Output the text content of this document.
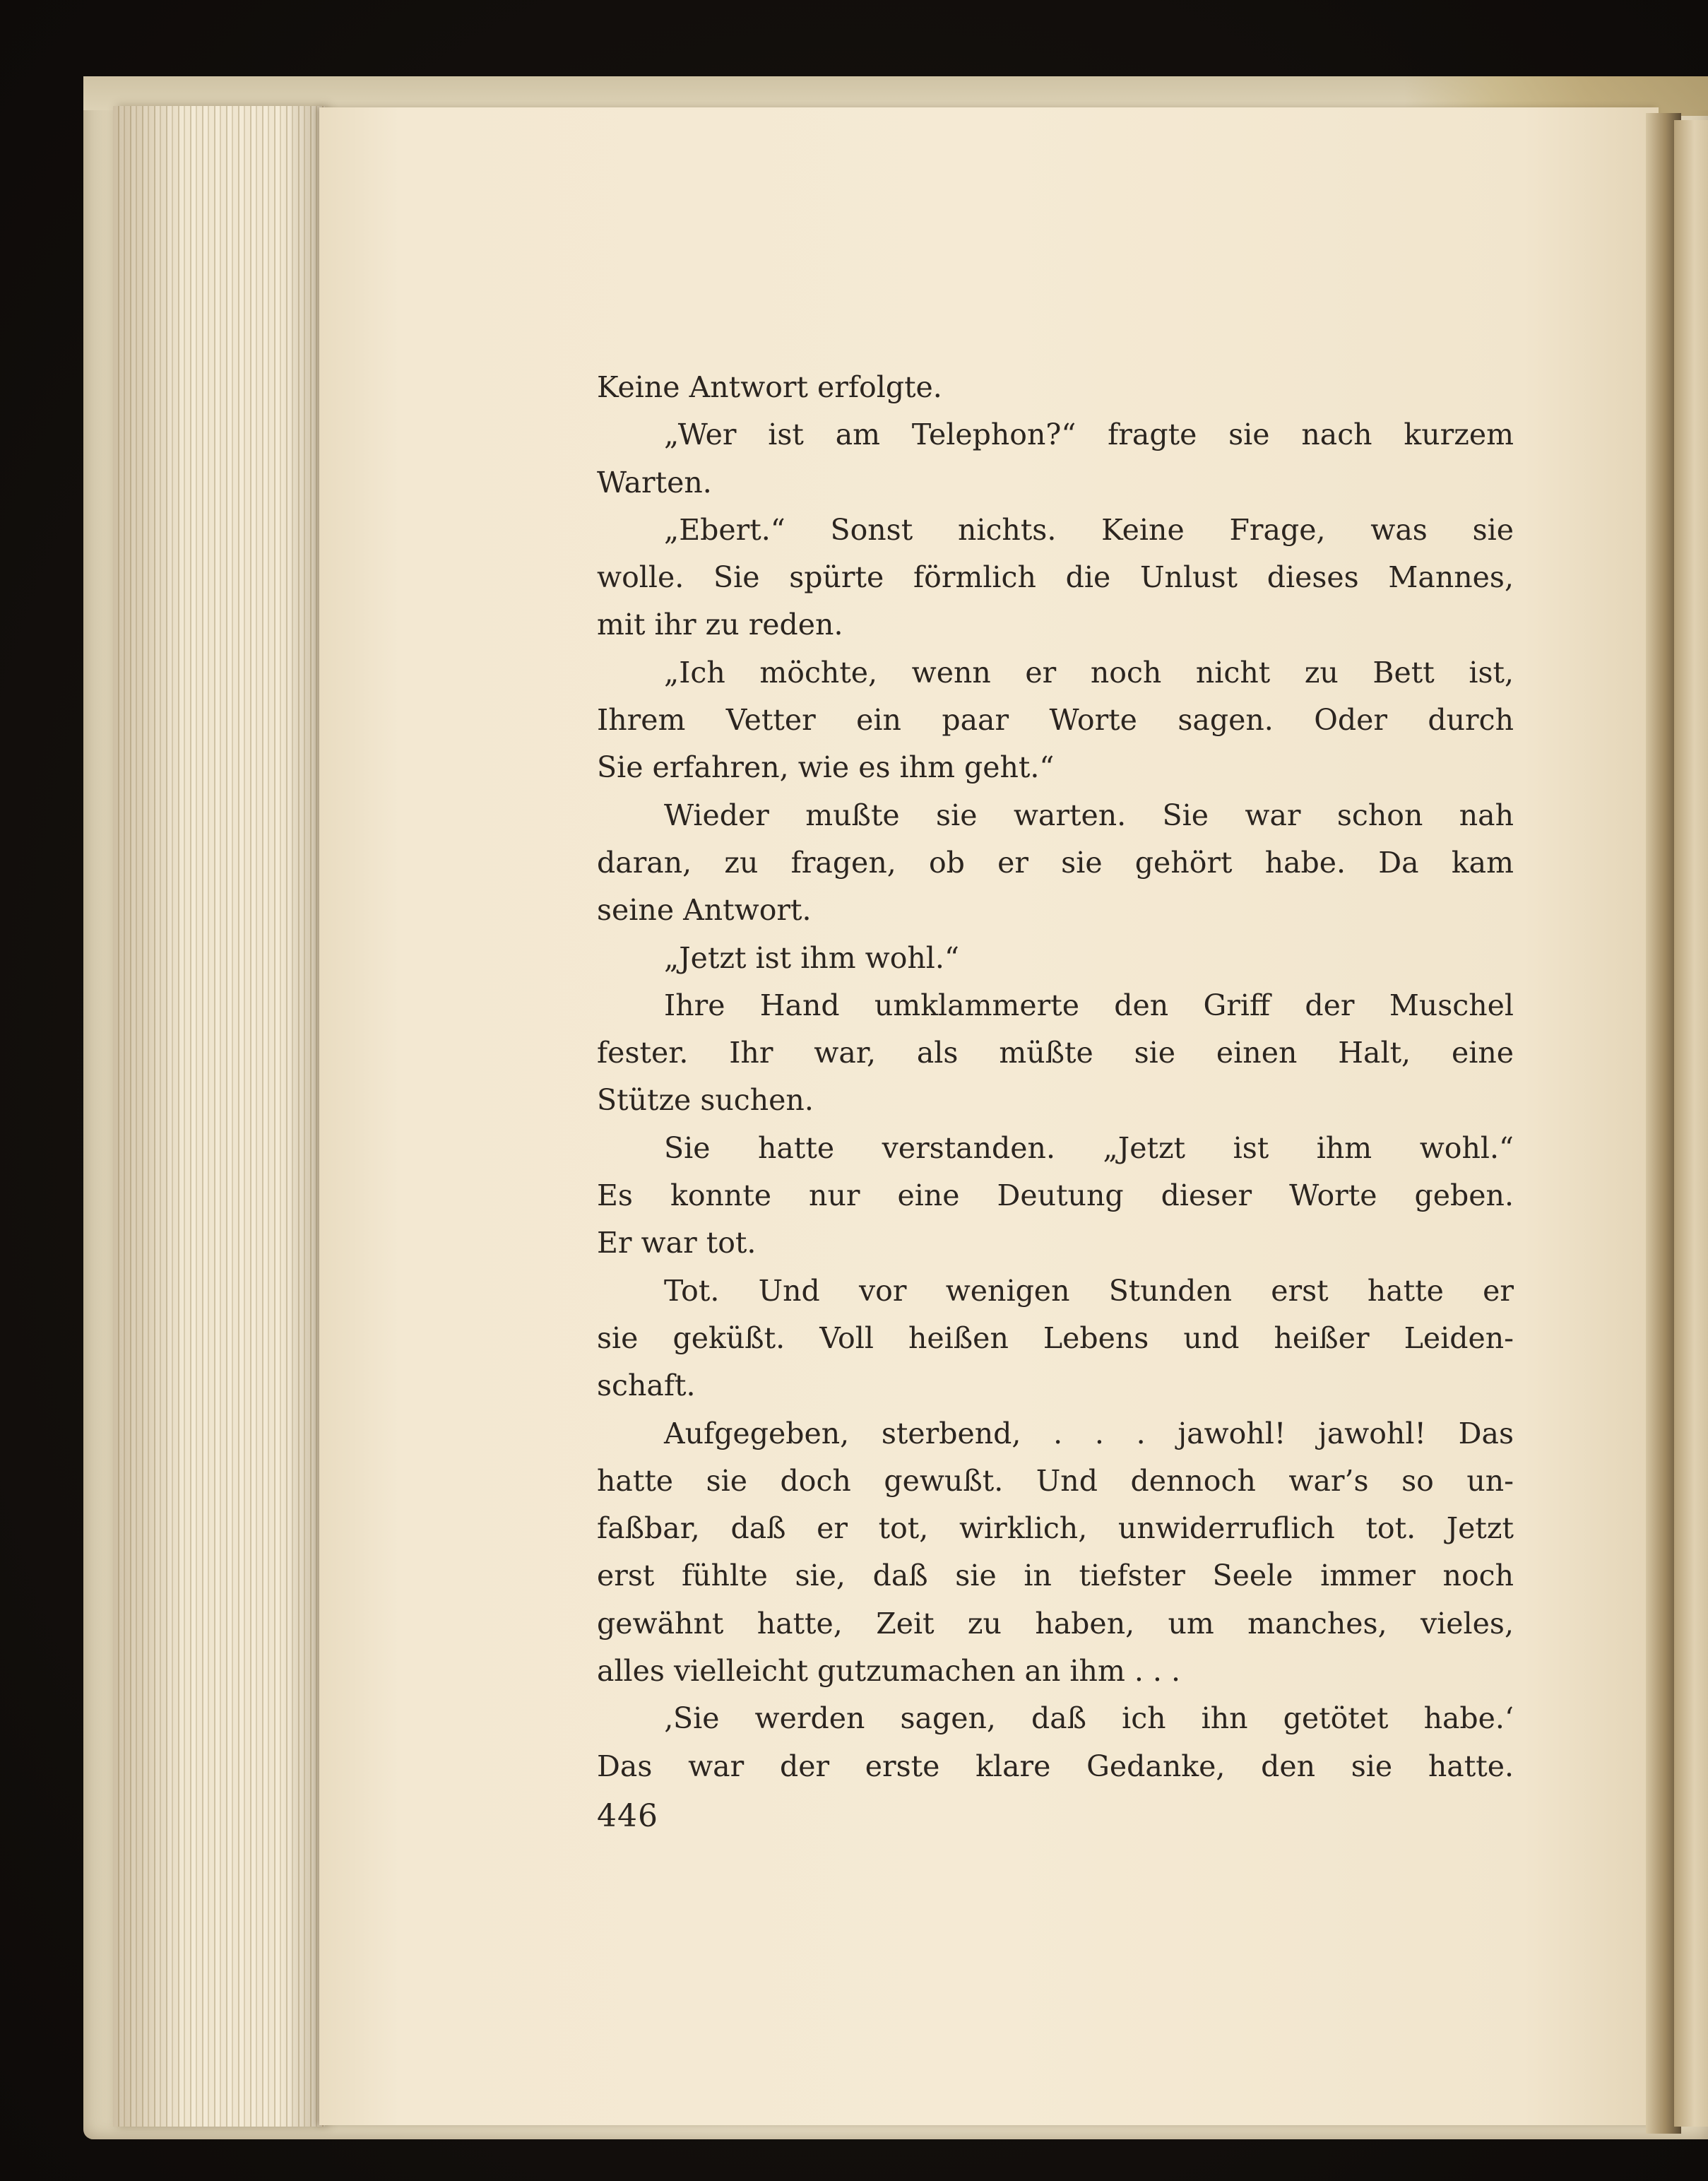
Keine Antwort erfolgte.
„Wer ist am Telephon?“ fragte sie nach kurzem
Warten.
„Ebert.“ Sonst nichts. Keine Frage, was sie
wolle. Sie spürte förmlich die Unlust dieses Mannes,
mit ihr zu reden.
„Ich möchte, wenn er noch nicht zu Bett ist,
Ihrem Vetter ein paar Worte sagen. Oder durch
Sie erfahren, wie es ihm geht.“
Wieder mußte sie warten. Sie war schon nah
daran, zu fragen, ob er sie gehört habe. Da kam
seine Antwort.
„Jetzt ist ihm wohl.“
Ihre Hand umklammerte den Griff der Muschel
fester. Ihr war, als müßte sie einen Halt, eine
Stütze suchen.
Sie hatte verstanden. „Jetzt ist ihm wohl.“
Es konnte nur eine Deutung dieser Worte geben.
Er war tot.
Tot. Und vor wenigen Stunden erst hatte er
sie geküßt. Voll heißen Lebens und heißer Leiden-
schaft.
Aufgegeben, sterbend, . . . jawohl! jawohl! Das
hatte sie doch gewußt. Und dennoch war’s so un-
faßbar, daß er tot, wirklich, unwiderruflich tot. Jetzt
erst fühlte sie, daß sie in tiefster Seele immer noch
gewähnt hatte, Zeit zu haben, um manches, vieles,
alles vielleicht gutzumachen an ihm . . .
‚Sie werden sagen, daß ich ihn getötet habe.‘
Das war der erste klare Gedanke, den sie hatte.
446
